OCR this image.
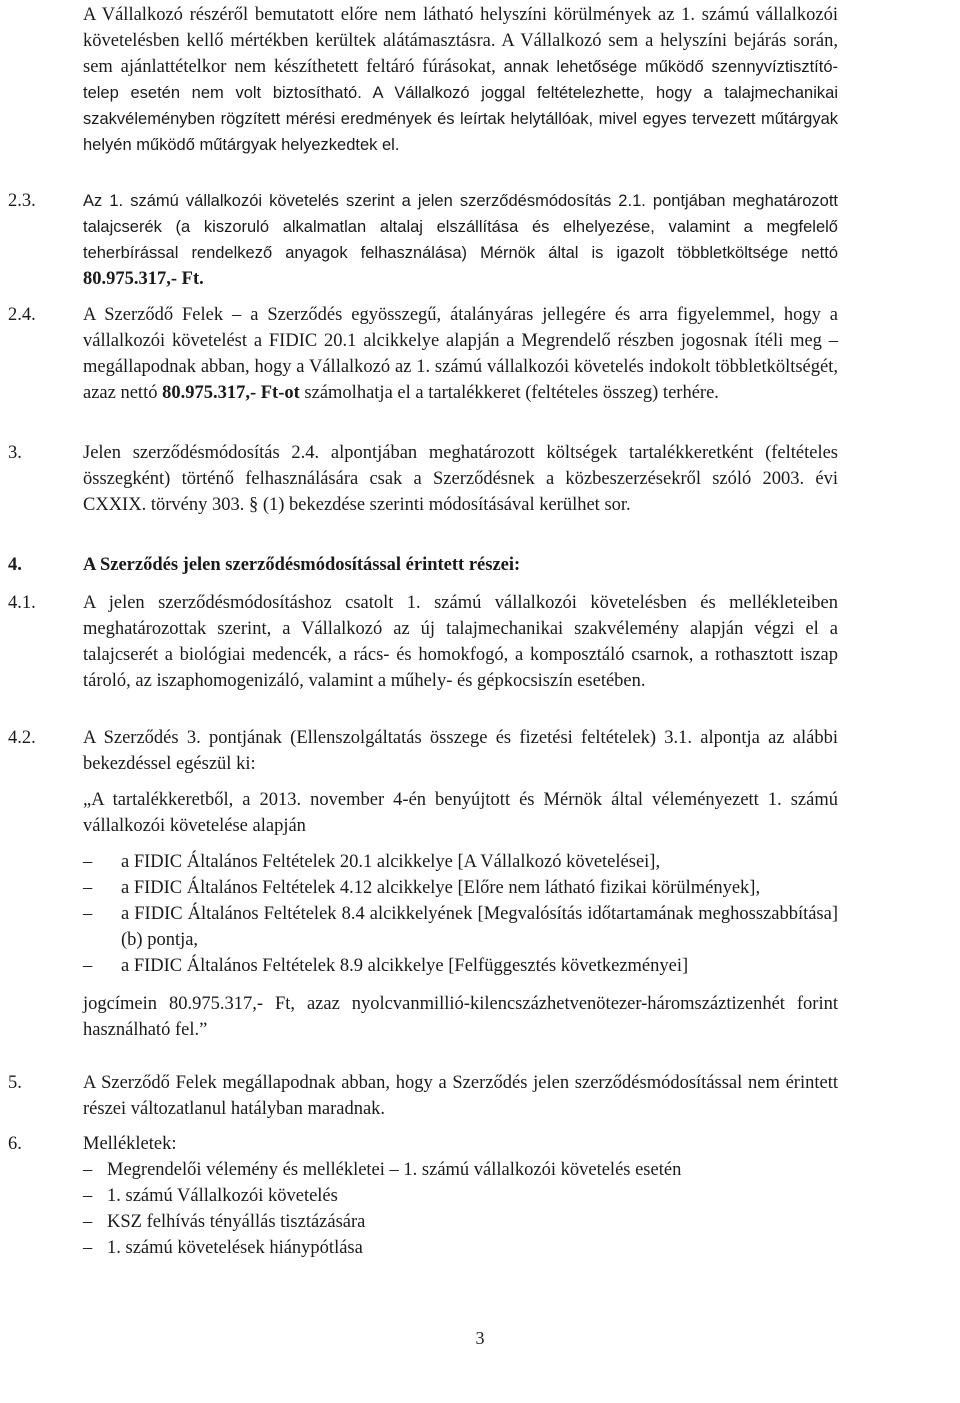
A Vállalkozó részéről bemutatott előre nem látható helyszíni körülmények az 1. számú vállalkozói követelésben kellő mértékben kerültek alátámasztásra. A Vállalkozó sem a helyszíni bejárás során, sem ajánlattételkor nem készíthetett feltáró fúrásokat, annak lehetősége működő szennyvíztisztító-telep esetén nem volt biztosítható. A Vállalkozó joggal feltételezhette, hogy a talajmechanikai szakvéleményben rögzített mérési eredmények és leírtak helytállóak, mivel egyes tervezett műtárgyak helyén működő műtárgyak helyezkedtek el.

2.3.	Az 1. számú vállalkozói követelés szerint a jelen szerződésmódosítás 2.1. pontjában meghatározott talajcserék (a kiszoruló alkalmatlan altalaj elszállítása és elhelyezése, valamint a megfelelő teherbírással rendelkező anyagok felhasználása) Mérnök által is igazolt többletköltsége nettó 80.975.317,- Ft.

2.4.	A Szerződő Felek – a Szerződés egyösszegű, átalányáras jellegére és arra figyelemmel, hogy a vállalkozói követelést a FIDIC 20.1 alcikkelye alapján a Megrendelő részben jogosnak ítéli meg – megállapodnak abban, hogy a Vállalkozó az 1. számú vállalkozói követelés indokolt többletköltségét, azaz nettó 80.975.317,- Ft-ot számolhatja el a tartalékkeret (feltételes összeg) terhére.

3.	Jelen szerződésmódosítás 2.4. alpontjában meghatározott költségek tartalékkeretként (feltételes összegként) történő felhasználására csak a Szerződésnek a közbeszerzésekről szóló 2003. évi CXXIX. törvény 303. § (1) bekezdése szerinti módosításával kerülhet sor.

4.	A Szerződés jelen szerződésmódosítással érintett részei:

4.1.	A jelen szerződésmódosításhoz csatolt 1. számú vállalkozói követelésben és mellékleteiben meghatározottak szerint, a Vállalkozó az új talajmechanikai szakvélemény alapján végzi el a talajcserét a biológiai medencék, a rács- és homokfogó, a komposztáló csarnok, a rothasztott iszap tároló, az iszaphomogenizáló, valamint a műhely- és gépkocsiszín esetében.

4.2.	A Szerződés 3. pontjának (Ellenszolgáltatás összege és fizetési feltételek) 3.1. alpontja az alábbi bekezdéssel egészül ki:

„A tartalékkeretből, a 2013. november 4-én benyújtott és Mérnök által véleményezett 1. számú vállalkozói követelése alapján

– a FIDIC Általános Feltételek 20.1 alcikkelye [A Vállalkozó követelései],
– a FIDIC Általános Feltételek 4.12 alcikkelye [Előre nem látható fizikai körülmények],
– a FIDIC Általános Feltételek 8.4 alcikkelyének [Megvalósítás időtartamának meghosszabbítása] (b) pontja,
– a FIDIC Általános Feltételek 8.9 alcikkelye [Felfüggesztés következményei]

jogcímein 80.975.317,- Ft, azaz nyolcvanmillió-kilencszázhetvenötezer-háromszáztizenhét forint használható fel.”

5.	A Szerződő Felek megállapodnak abban, hogy a Szerződés jelen szerződésmódosítással nem érintett részei változatlanul hatályban maradnak.

6.	Mellékletek:

– Megrendelői vélemény és mellékletei – 1. számú vállalkozói követelés esetén
– 1. számú Vállalkozói követelés
– KSZ felhívás tényállás tisztázására
– 1. számú követelések hiánypótlása
3
